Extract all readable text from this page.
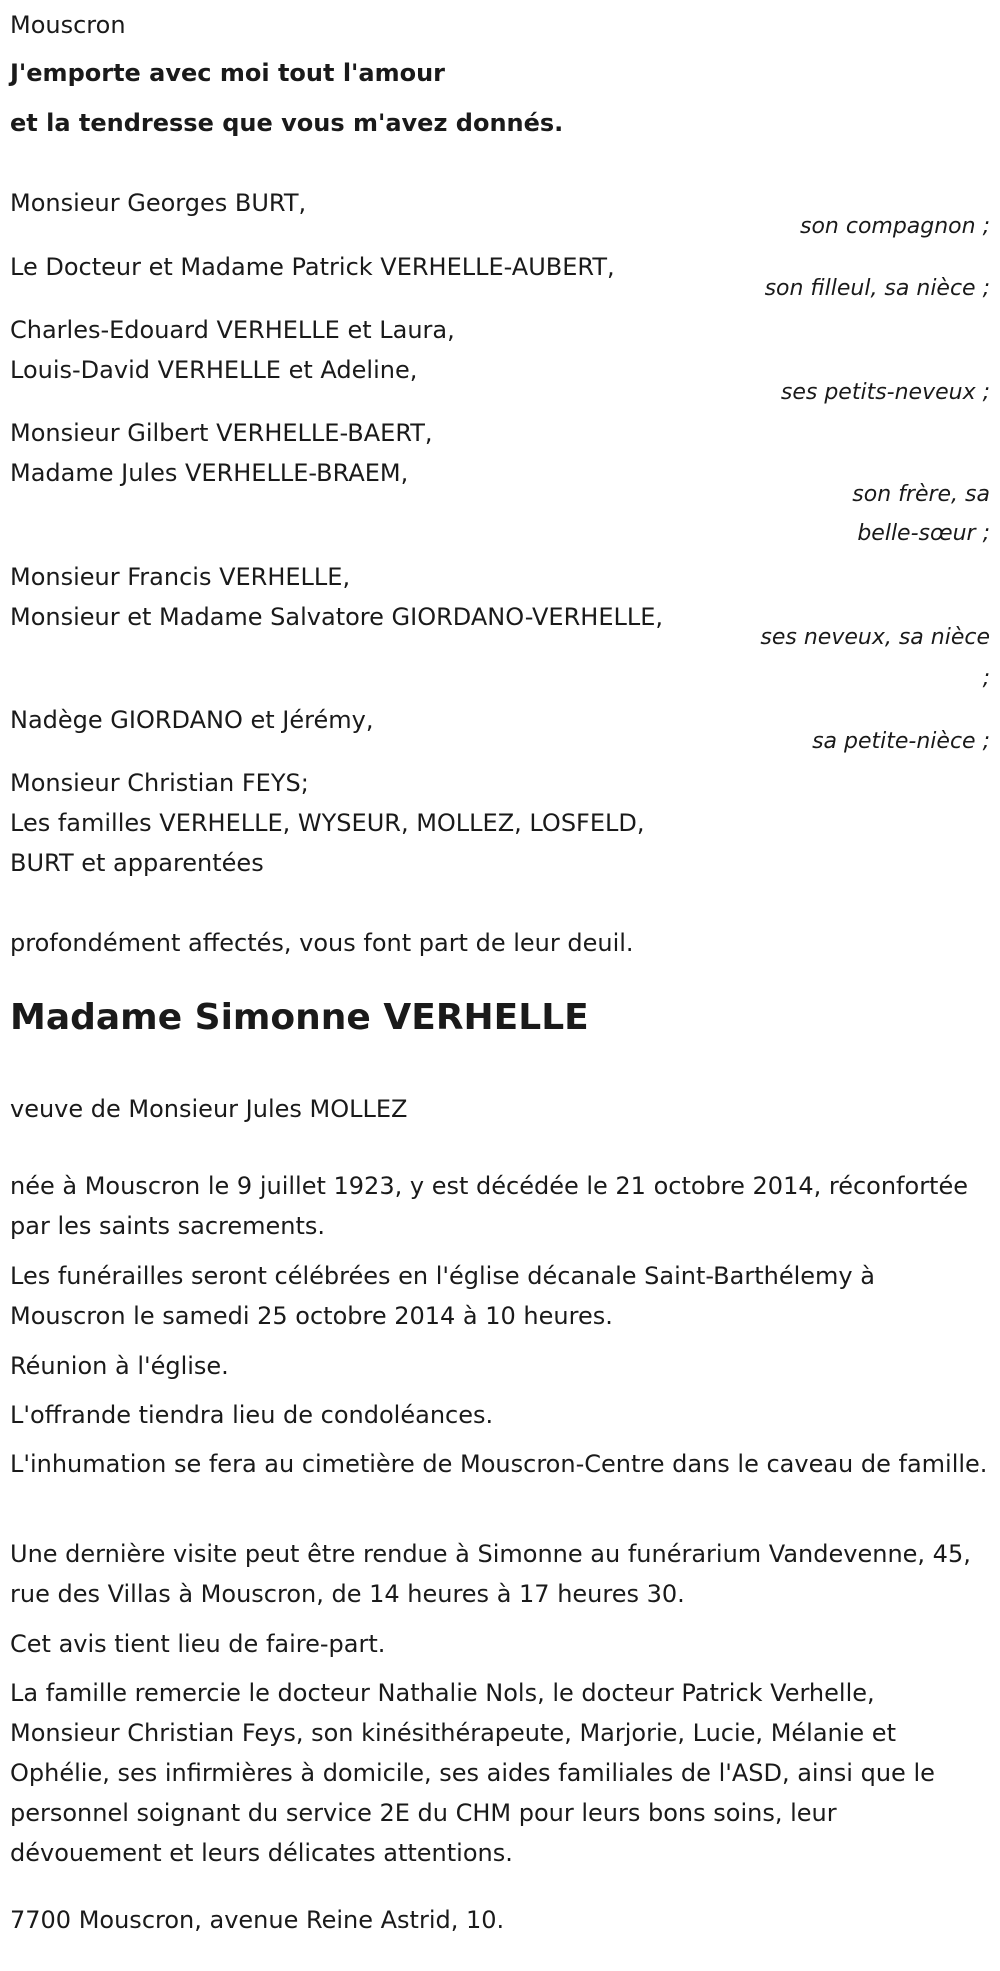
Mouscron
J'emporte avec moi tout l'amour
et la tendresse que vous m'avez donnés.
Monsieur Georges BURT,
son compagnon ;
Le Docteur et Madame Patrick VERHELLE-AUBERT,
son filleul, sa nièce ;
Charles-Edouard VERHELLE et Laura,
Louis-David VERHELLE et Adeline,
ses petits-neveux ;
Monsieur Gilbert VERHELLE-BAERT,
Madame Jules VERHELLE-BRAEM,
son frère, sa
belle-sœur ;
Monsieur Francis VERHELLE,
Monsieur et Madame Salvatore GIORDANO-VERHELLE,
ses neveux, sa nièce
;
Nadège GIORDANO et Jérémy,
sa petite-nièce ;
Monsieur Christian FEYS;
Les familles VERHELLE, WYSEUR, MOLLEZ, LOSFELD,
BURT et apparentées
profondément affectés, vous font part de leur deuil.
Madame Simonne VERHELLE
veuve de Monsieur Jules MOLLEZ
née à Mouscron le 9 juillet 1923, y est décédée le 21 octobre 2014, réconfortée par les saints sacrements.
Les funérailles seront célébrées en l'église décanale Saint-Barthélemy à Mouscron le samedi 25 octobre 2014 à 10 heures.
Réunion à l'église.
L'offrande tiendra lieu de condoléances.
L'inhumation se fera au cimetière de Mouscron-Centre dans le caveau de famille.
Une dernière visite peut être rendue à Simonne au funérarium Vandevenne, 45, rue des Villas à Mouscron, de 14 heures à 17 heures 30.
Cet avis tient lieu de faire-part.
La famille remercie le docteur Nathalie Nols, le docteur Patrick Verhelle, Monsieur Christian Feys, son kinésithérapeute, Marjorie, Lucie, Mélanie et Ophélie, ses infirmières à domicile, ses aides familiales de l'ASD, ainsi que le personnel soignant du service 2E du CHM pour leurs bons soins, leur dévouement et leurs délicates attentions.
7700 Mouscron, avenue Reine Astrid, 10.
